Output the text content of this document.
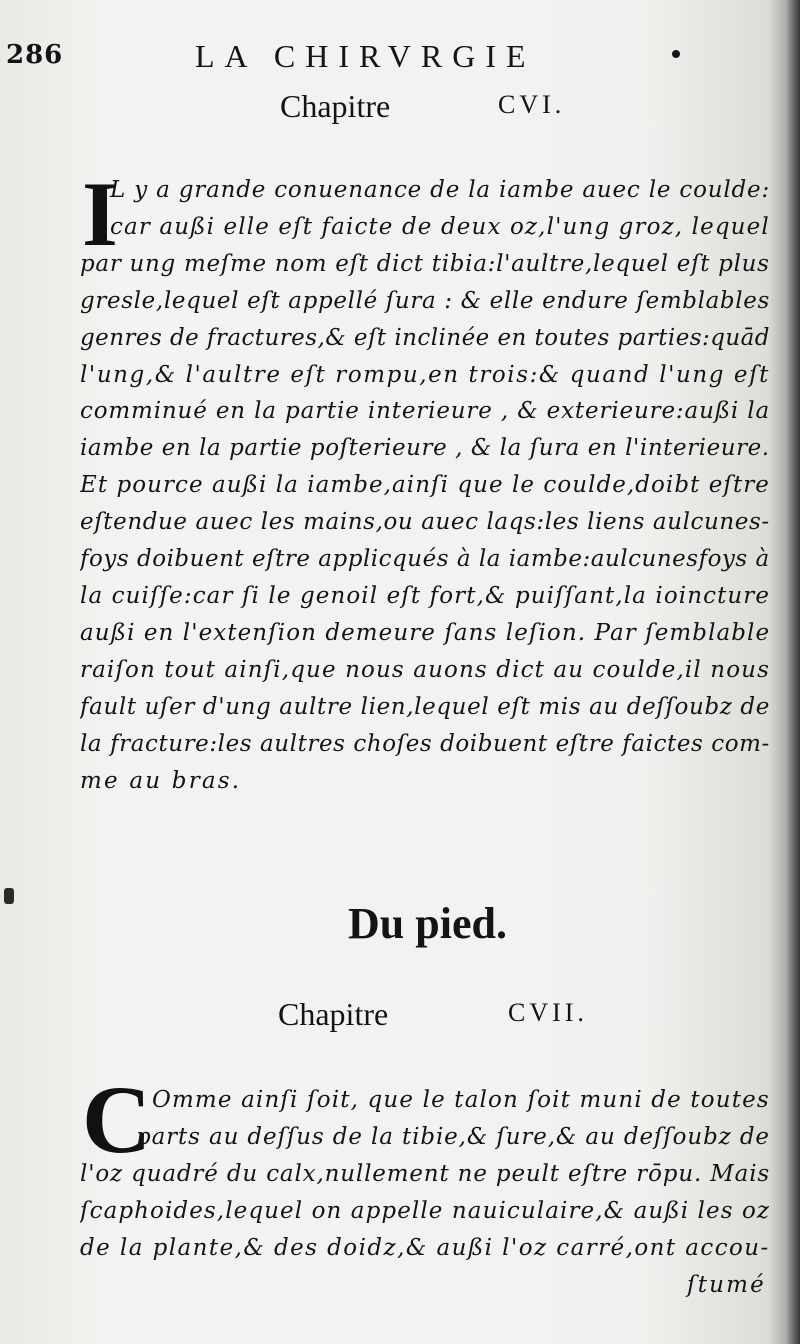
286	LA CHIRVRGIE
Chapitre	CVI.
I
L y a grande conuenance de la iambe auec le coulde:
car außi elle eſt faicte de deux oz,l'ung groz, lequel
par ung meſme nom eſt dict tibia:l'aultre,lequel eſt plus
gresle,lequel eſt appellé ſura : & elle endure ſemblables
genres de fractures,& eſt inclinée en toutes parties:quād
l'ung,& l'aultre eſt rompu,en trois:& quand l'ung eſt
comminué en la partie interieure , & exterieure:außi la
iambe en la partie poſterieure , & la ſura en l'interieure.
Et pource außi la iambe,ainſi que le coulde,doibt eſtre
eſtendue auec les mains,ou auec laqs:les liens aulcunes-
foys doibuent eſtre applicqués à la iambe:aulcunesfoys à
la cuiſſe:car ſi le genoil eſt fort,& puiſſant,la ioincture
außi en l'extenſion demeure ſans leſion. Par ſemblable
raiſon tout ainſi,que nous auons dict au coulde,il nous
fault uſer d'ung aultre lien,lequel eſt mis au deſſoubz de
la fracture:les aultres choſes doibuent eſtre faictes com-
me au bras.
Du pied.
Chapitre	CVII.
C Omme ainſi ſoit, que le talon ſoit muni de toutes
parts au deſſus de la tibie,& ſure,& au deſſoubz de
l'oz quadré du calx,nullement ne peult eſtre rōpu. Mais
ſcaphoides,lequel on appelle nauiculaire,& außi les oz
de la plante,& des doidz,& außi l'oz carré,ont accou-
ſtumé
